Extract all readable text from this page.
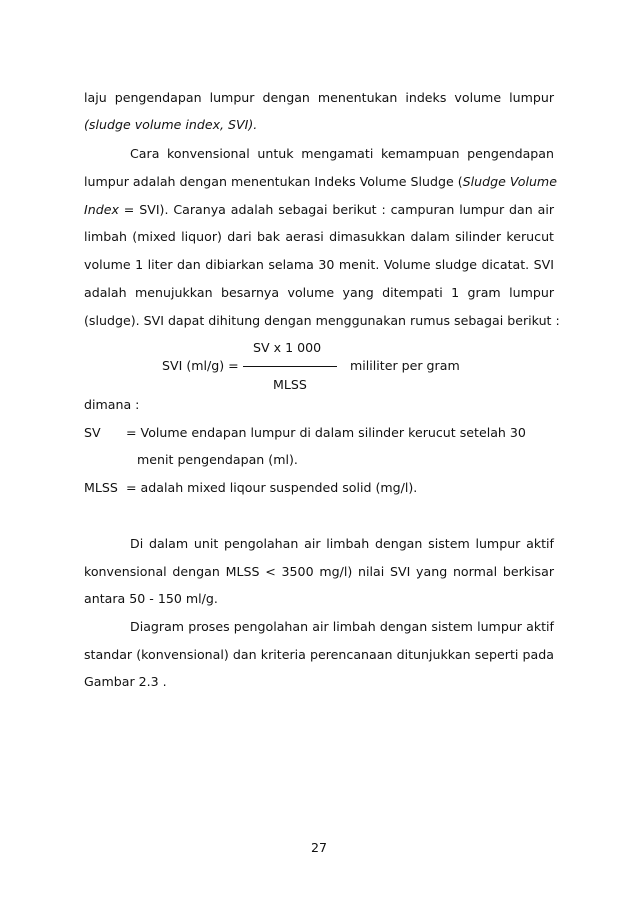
laju pengendapan lumpur dengan menentukan indeks volume lumpur
(sludge volume index, SVI).
Cara konvensional untuk mengamati kemampuan pengendapan
lumpur adalah dengan menentukan Indeks Volume Sludge (Sludge Volume
Index = SVI). Caranya adalah sebagai berikut : campuran lumpur dan air
limbah (mixed liquor) dari bak aerasi dimasukkan dalam silinder kerucut
volume 1 liter dan dibiarkan selama 30 menit. Volume sludge dicatat. SVI
adalah menujukkan besarnya volume yang ditempati 1 gram lumpur
(sludge). SVI dapat dihitung dengan menggunakan rumus sebagai berikut :
SV x 1 000
SVI (ml/g) =	mililiter per gram
MLSS
dimana :
SV = Volume endapan lumpur di dalam silinder kerucut setelah 30
menit pengendapan (ml).
MLSS = adalah mixed liqour suspended solid (mg/l).
Di dalam unit pengolahan air limbah dengan sistem lumpur aktif
konvensional dengan MLSS < 3500 mg/l) nilai SVI yang normal berkisar
antara 50 - 150 ml/g.
Diagram proses pengolahan air limbah dengan sistem lumpur aktif
standar (konvensional) dan kriteria perencanaan ditunjukkan seperti pada
Gambar 2.3 .
27
